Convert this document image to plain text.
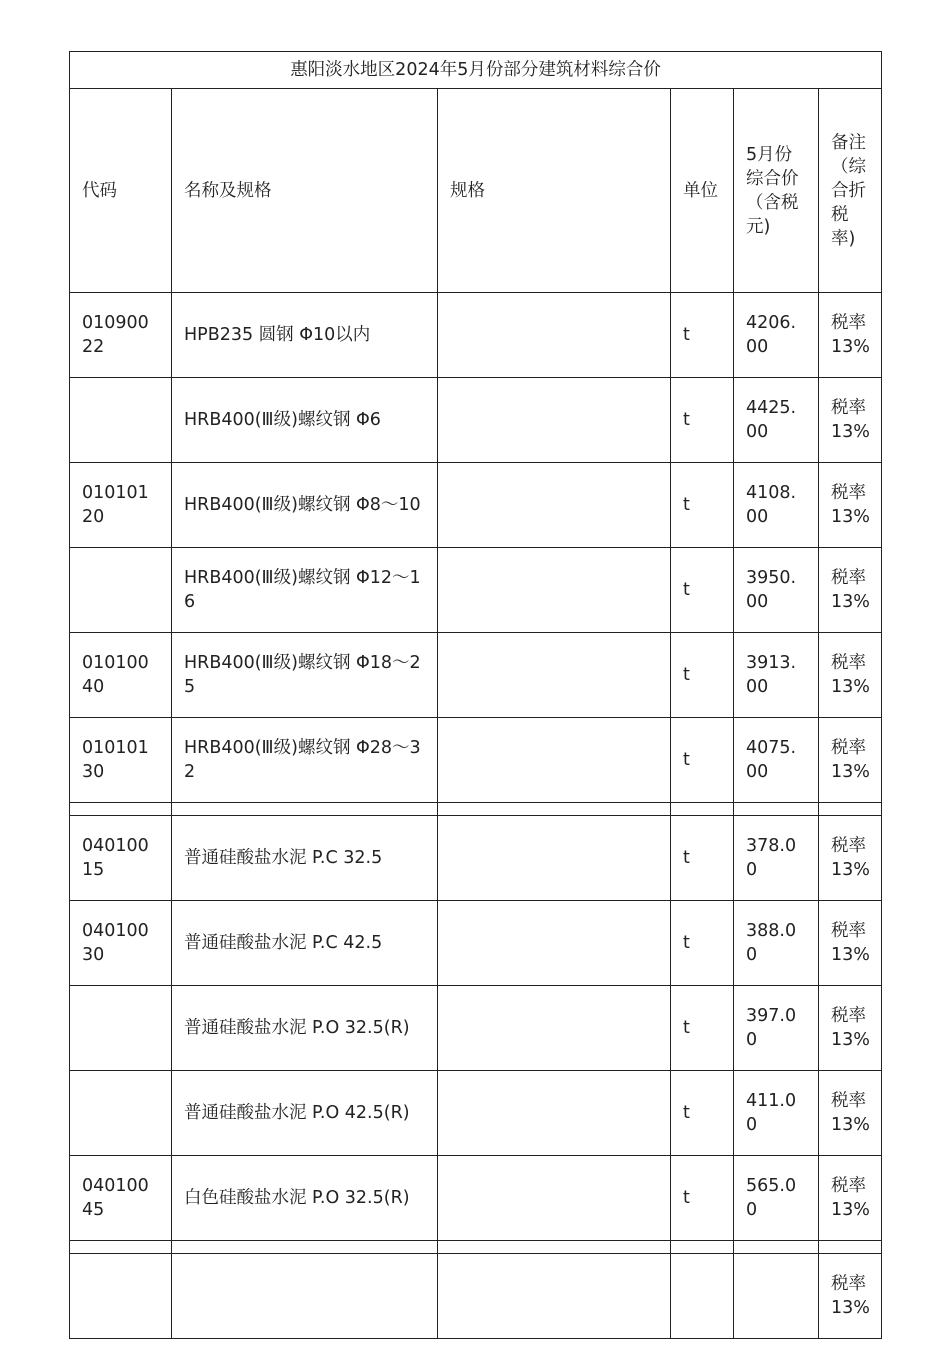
惠阳淡水地区2024年5月份部分建筑材料综合价					
代码	名称及规格	规格	单位	5月份综合价（含税元)	备注（综合折税率)
01090022	HPB235 圆钢 Φ10以内		t	4206.00	税率13%
	HRB400(Ⅲ级)螺纹钢 Φ6		t	4425.00	税率13%
01010120	HRB400(Ⅲ级)螺纹钢 Φ8～10		t	4108.00	税率13%
	HRB400(Ⅲ级)螺纹钢 Φ12～16		t	3950.00	税率13%
01010040	HRB400(Ⅲ级)螺纹钢 Φ18～25		t	3913.00	税率13%
01010130	HRB400(Ⅲ级)螺纹钢 Φ28～32		t	4075.00	税率13%

04010015	普通硅酸盐水泥 P.C 32.5		t	378.00	税率13%
04010030	普通硅酸盐水泥 P.C 42.5		t	388.00	税率13%
	普通硅酸盐水泥 P.O 32.5(R)		t	397.00	税率13%
	普通硅酸盐水泥 P.O 42.5(R)		t	411.00	税率13%
04010045	白色硅酸盐水泥 P.O 32.5(R)		t	565.00	税率13%

					税率13%
